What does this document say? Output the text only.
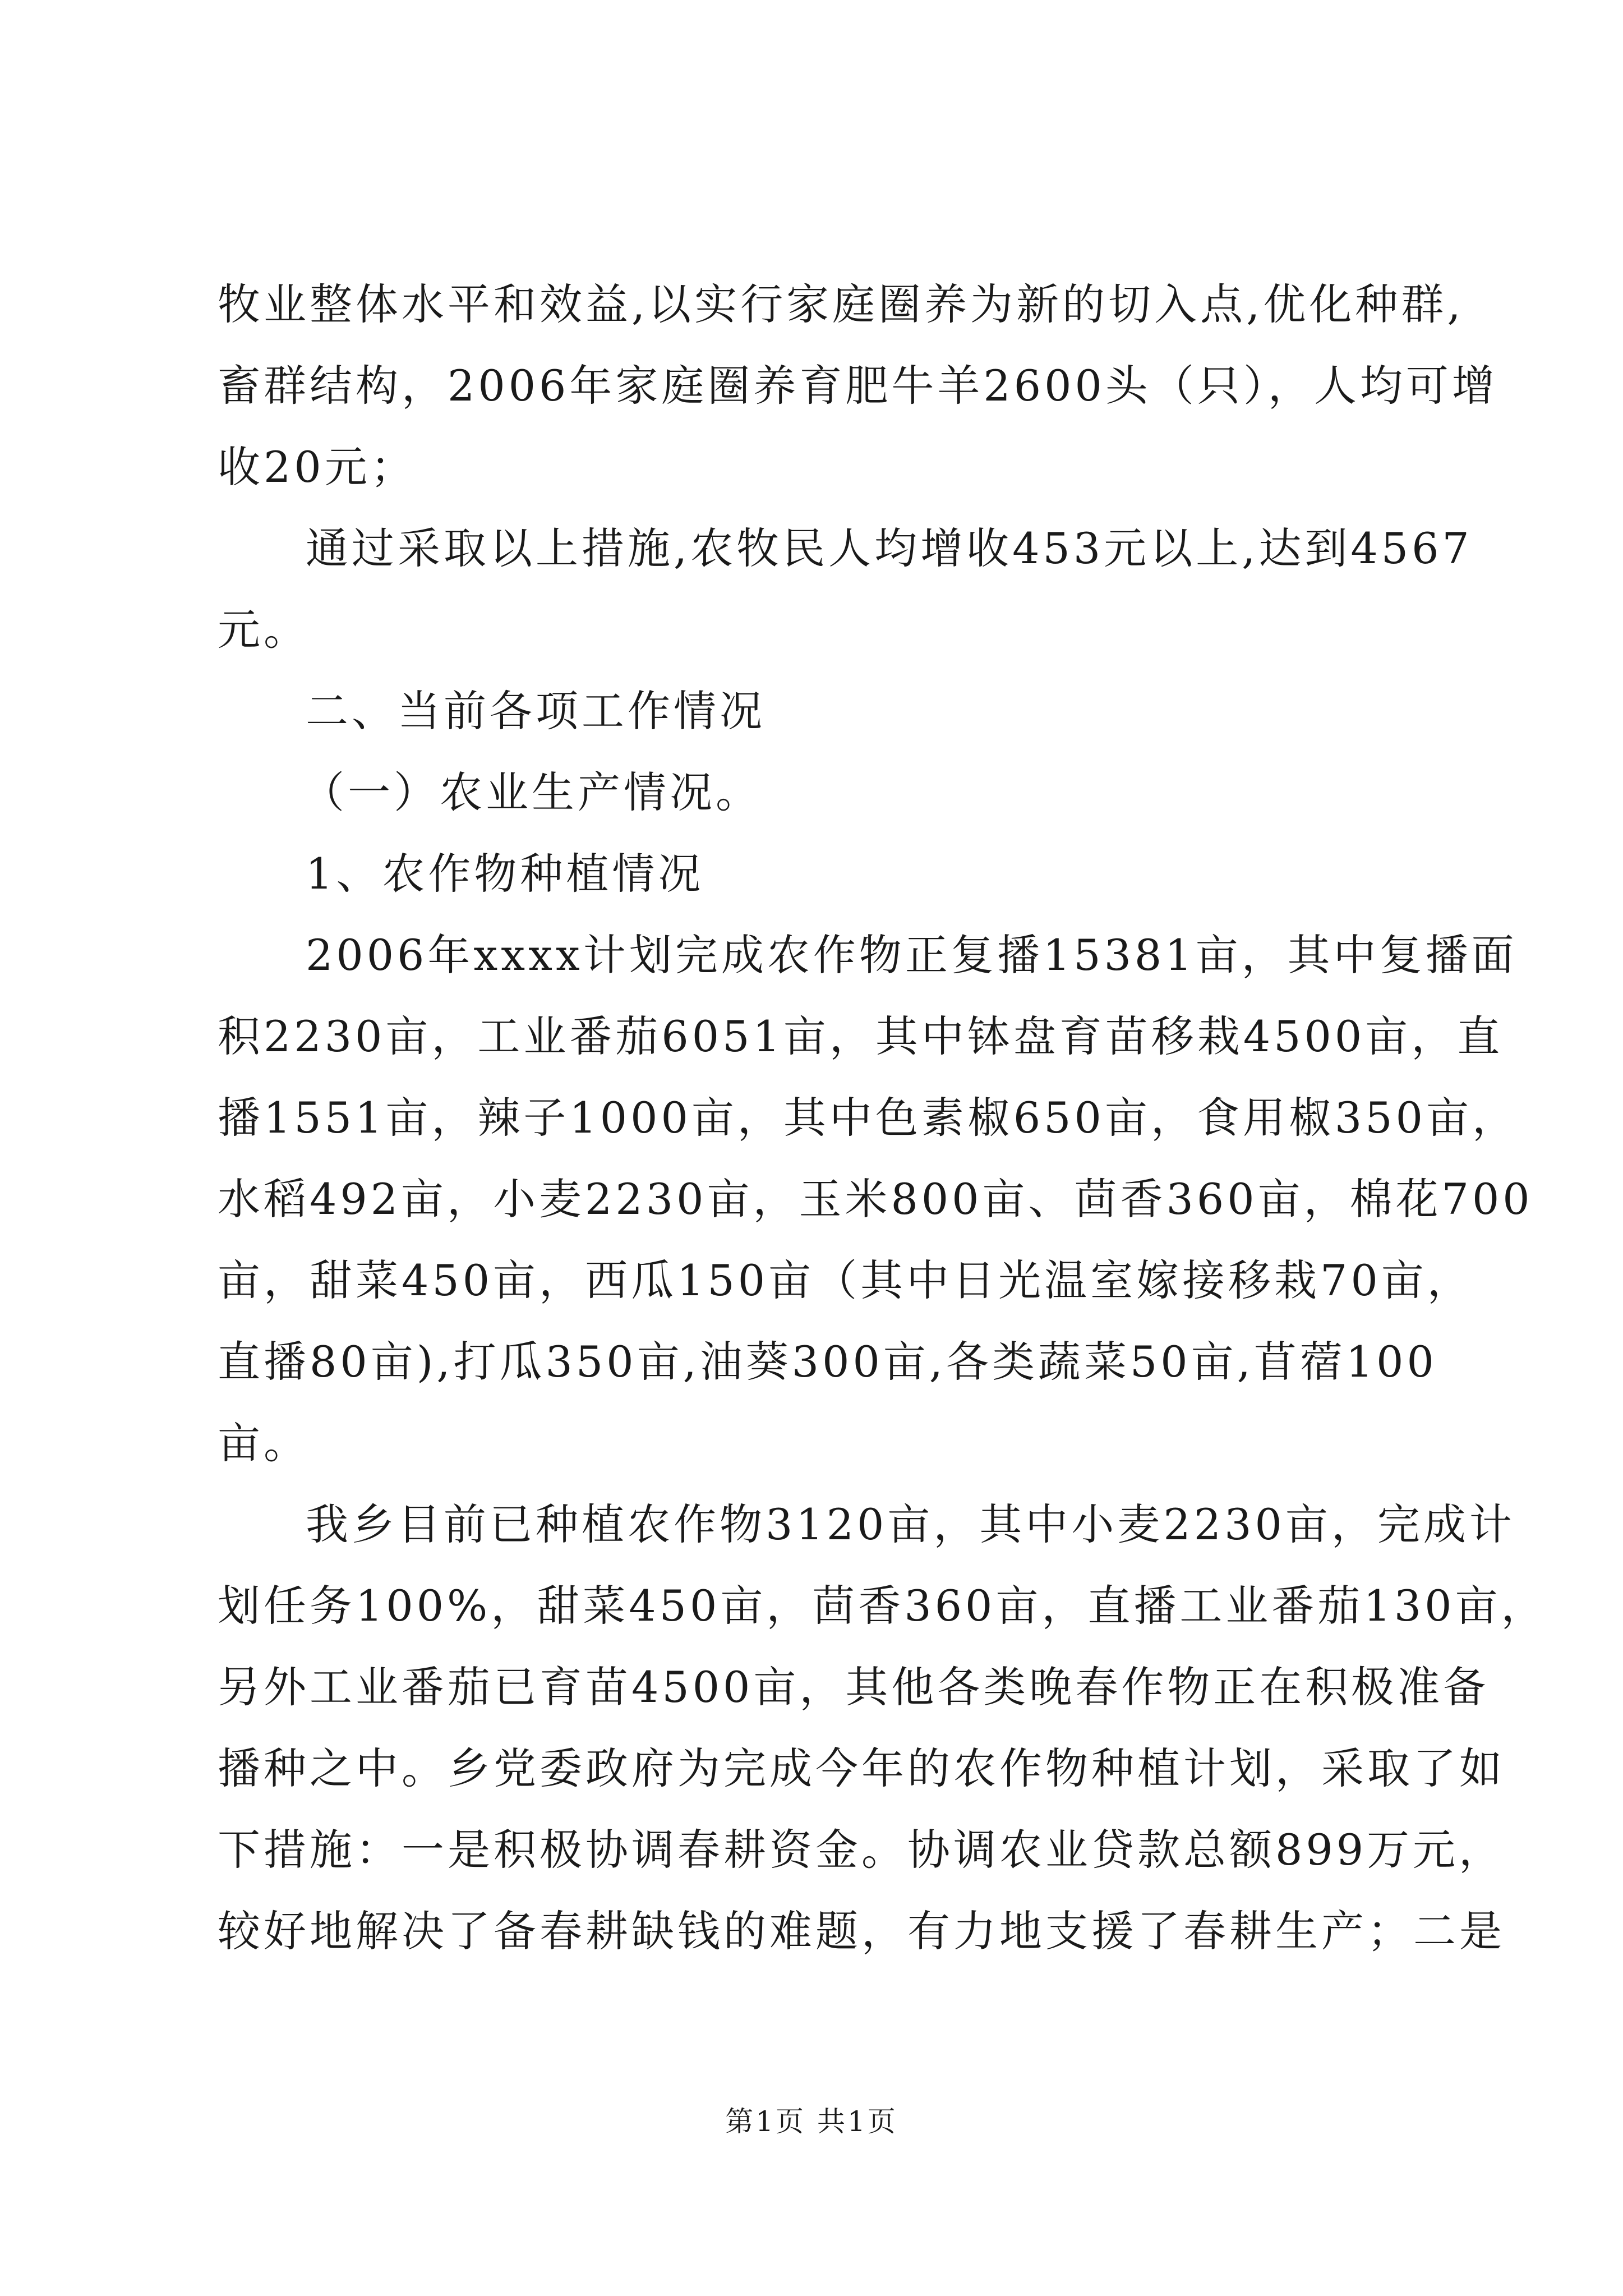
牧业整体水平和效益,以实行家庭圈养为新的切入点,优化种群,
畜群结构，2006年家庭圈养育肥牛羊2600头（只），人均可增
收20元；
通过采取以上措施,农牧民人均增收453元以上,达到4567
元。
二、当前各项工作情况
（一）农业生产情况。
1、农作物种植情况
2006年xxxx计划完成农作物正复播15381亩，其中复播面
积2230亩，工业番茄6051亩，其中钵盘育苗移栽4500亩，直
播1551亩，辣子1000亩，其中色素椒650亩，食用椒350亩，
水稻492亩，小麦2230亩，玉米800亩、茴香360亩，棉花700
亩，甜菜450亩，西瓜150亩（其中日光温室嫁接移栽70亩，
直播80亩),打瓜350亩,油葵300亩,各类蔬菜50亩,苜蓿100
亩。
我乡目前已种植农作物3120亩，其中小麦2230亩，完成计
划任务100%，甜菜450亩，茴香360亩，直播工业番茄130亩，
另外工业番茄已育苗4500亩，其他各类晚春作物正在积极准备
播种之中。乡党委政府为完成今年的农作物种植计划，采取了如
下措施：一是积极协调春耕资金。协调农业贷款总额899万元，
较好地解决了备春耕缺钱的难题，有力地支援了春耕生产；二是
第1页 共1页
